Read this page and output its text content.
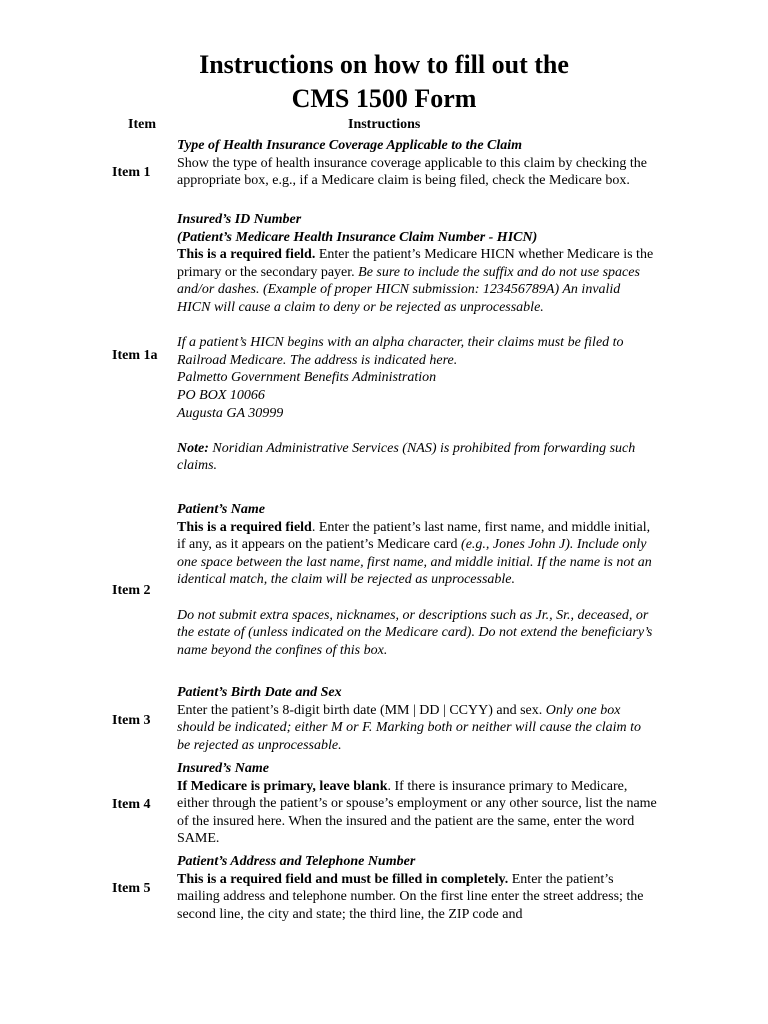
Instructions on how to fill out the
CMS 1500 Form
Item	Instructions
Item 1

Type of Health Insurance Coverage Applicable to the Claim

Show the type of health insurance coverage applicable to this claim by checking the appropriate box, e.g., if a Medicare claim is being filed, check the Medicare box.

Item 1a

Insured’s ID Number

(Patient’s Medicare Health Insurance Claim Number - HICN)

This is a required field. Enter the patient’s Medicare HICN whether Medicare is the primary or the secondary payer. Be sure to include the suffix and do not use spaces and/or dashes. (Example of proper HICN submission: 123456789A) An invalid HICN will cause a claim to deny or be rejected as unprocessable.

If a patient’s HICN begins with an alpha character, their claims must be filed to Railroad Medicare. The address is indicated here.

Palmetto Government Benefits Administration

PO BOX 10066

Augusta GA 30999

Note: Noridian Administrative Services (NAS) is prohibited from forwarding such claims.

Item 2

Patient’s Name

This is a required field. Enter the patient’s last name, first name, and middle initial, if any, as it appears on the patient’s Medicare card (e.g., Jones John J). Include only one space between the last name, first name, and middle initial. If the name is not an identical match, the claim will be rejected as unprocessable.

Do not submit extra spaces, nicknames, or descriptions such as Jr., Sr., deceased, or the estate of (unless indicated on the Medicare card). Do not extend the beneficiary’s name beyond the confines of this box.

Item 3

Patient’s Birth Date and Sex

Enter the patient’s 8-digit birth date (MM | DD | CCYY) and sex. Only one box should be indicated; either M or F. Marking both or neither will cause the claim to be rejected as unprocessable.

Item 4

Insured’s Name

If Medicare is primary, leave blank. If there is insurance primary to Medicare, either through the patient’s or spouse’s employment or any other source, list the name of the insured here. When the insured and the patient are the same, enter the word SAME.

Item 5

Patient’s Address and Telephone Number

This is a required field and must be filled in completely. Enter the patient’s mailing address and telephone number. On the first line enter the street address; the second line, the city and state; the third line, the ZIP code and
